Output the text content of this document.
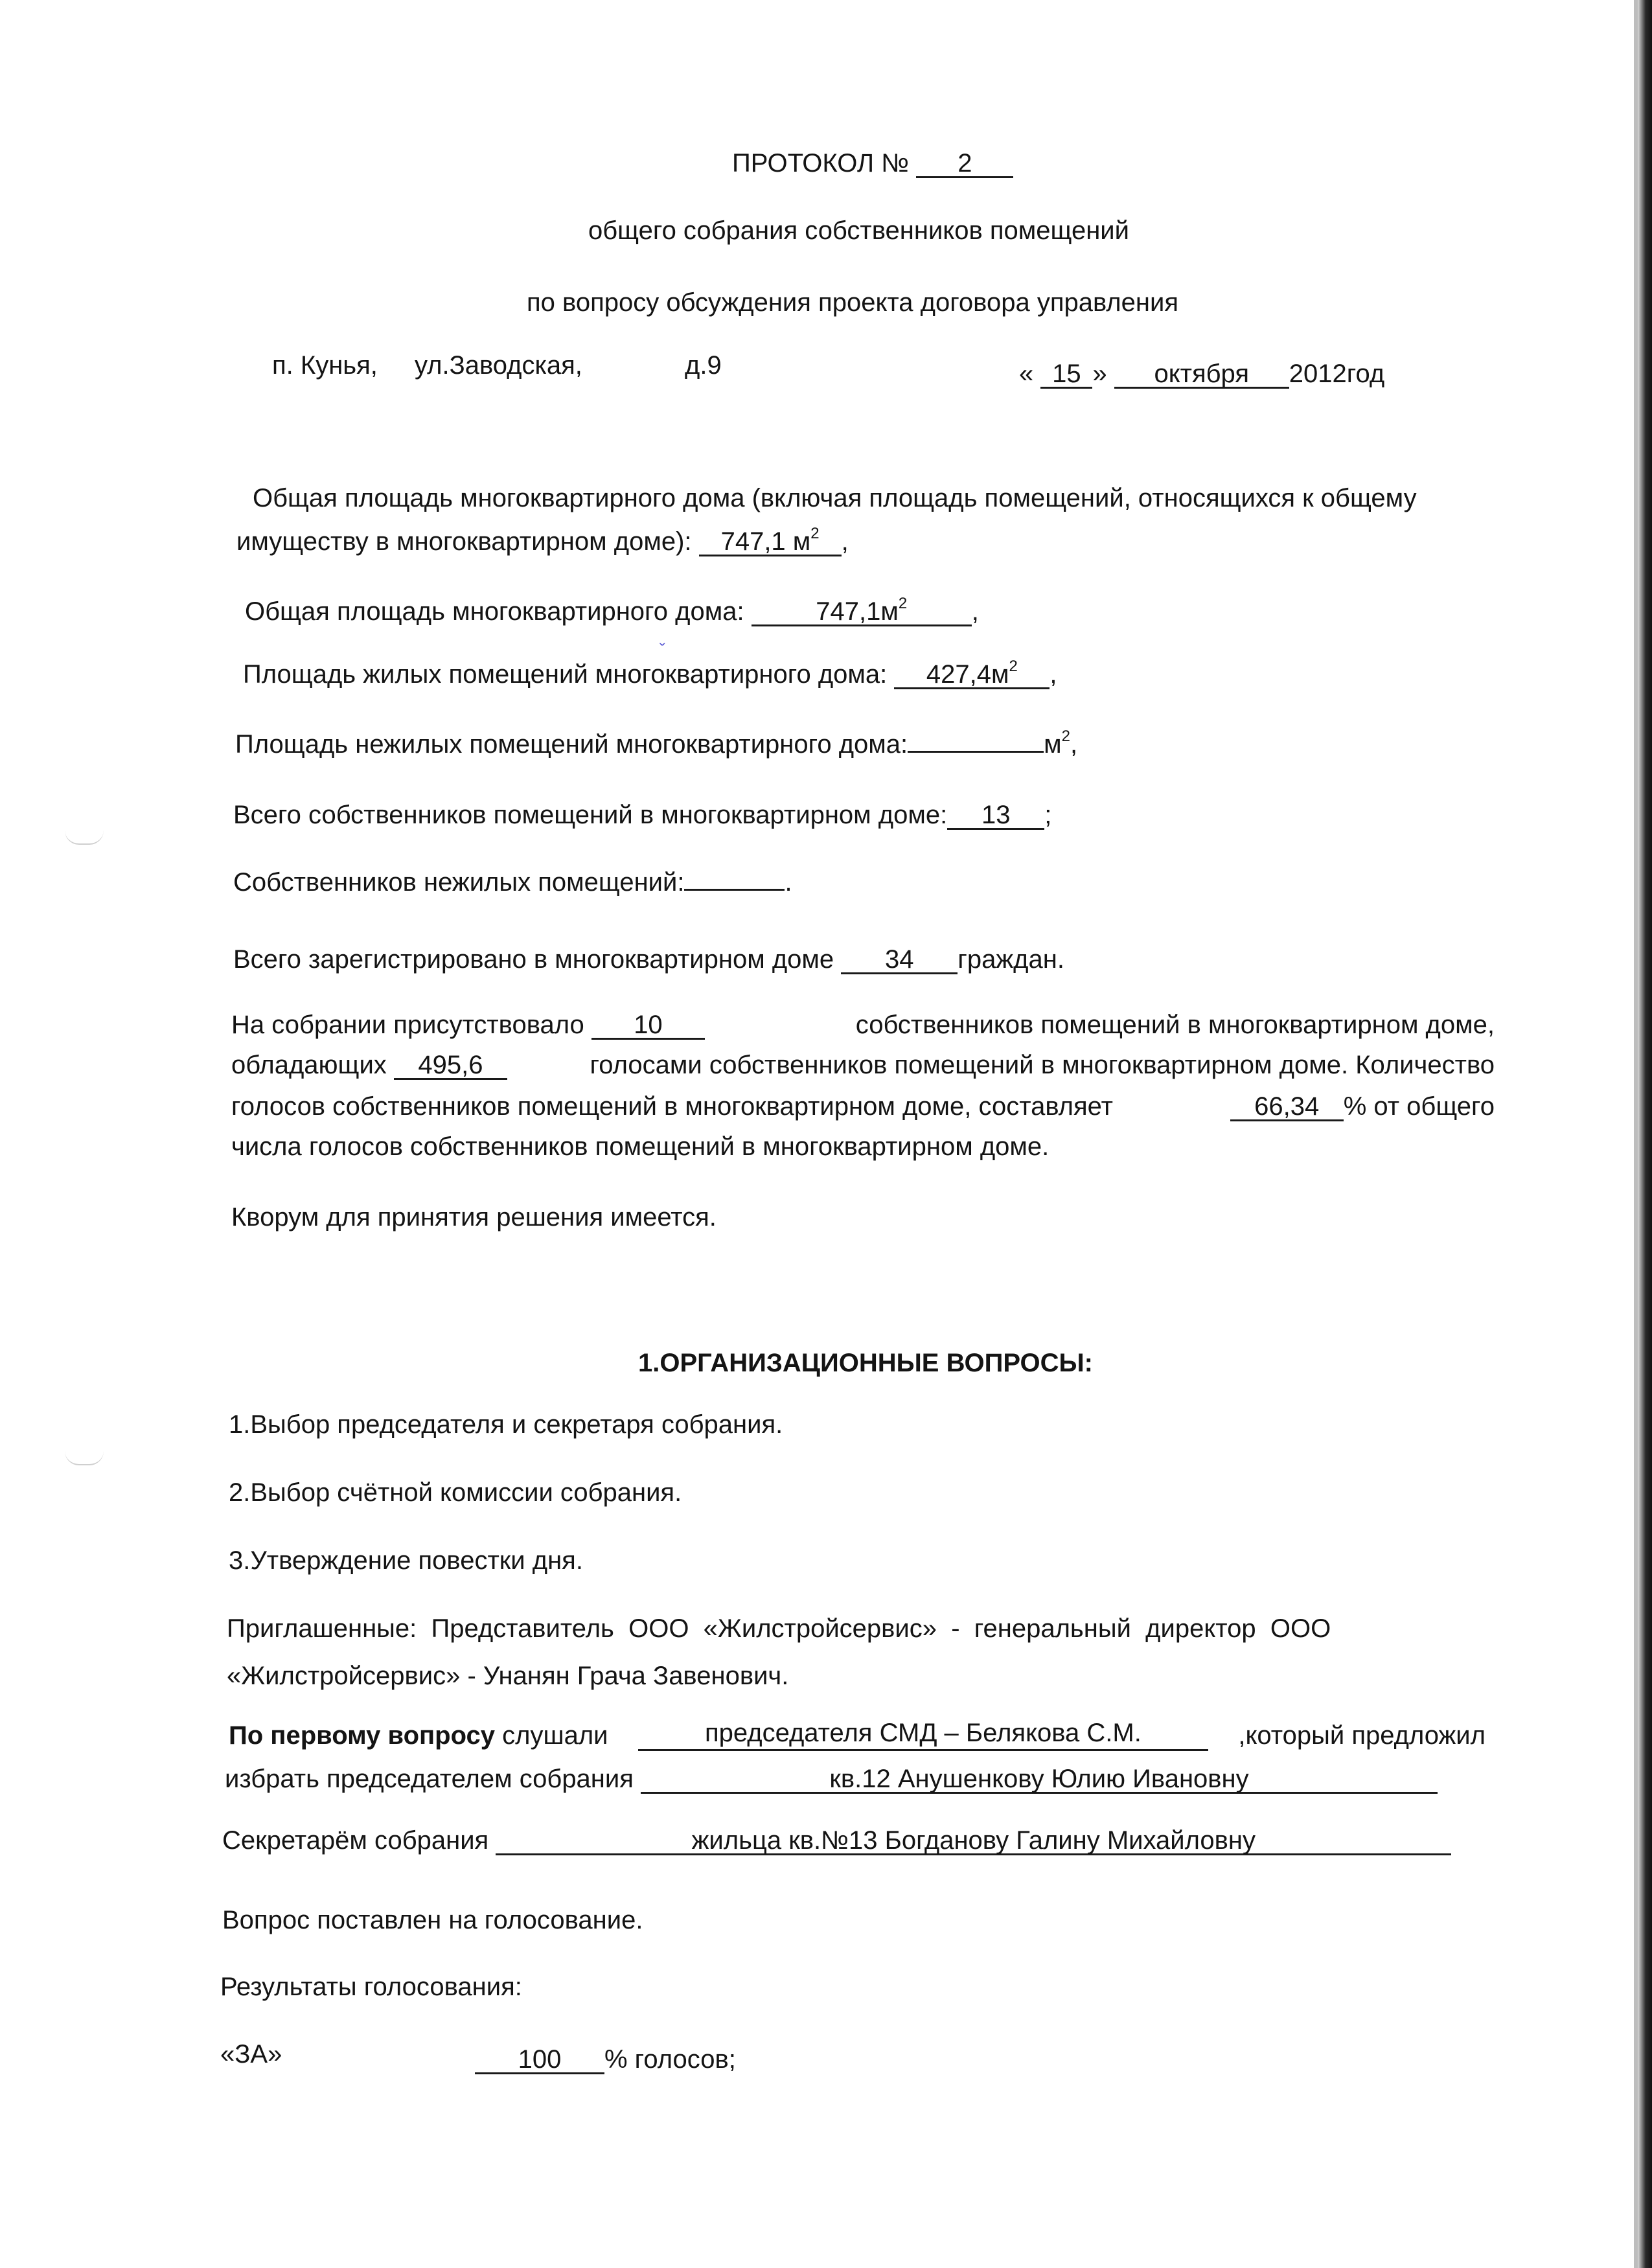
ˇ
ПРОТОКОЛ № 2
общего собрания собственников помещений
по вопросу обсуждения проекта договора управления
п. Кунья, ул.Заводская,	д.9	« 15 » октября 2012год
Общая площадь многоквартирного дома (включая площадь помещений, относящихся к общему
имуществу в многоквартирном доме): 747,1 $м^2$ ,
Общая площадь многоквартирного дома:	$747,1м^2$ ,
Площадь жилых помещений многоквартирного дома: $427,4м^2$ ,
Площадь нежилых помещений многоквартирного дома:	$м^2$,
Всего собственников помещений в многоквартирном доме: 13 ;
Собственников нежилых помещений:	.
Всего зарегистрировано в многоквартирном доме 34 граждан.
На собрании присутствовало 10	собственников помещений в многоквартирном доме,
обладающих 495,6	голосами собственников помещений в многоквартирном доме. Количество
голосов собственников помещений в многоквартирном доме, составляет	66,34 % от общего
числа голосов собственников помещений в многоквартирном доме.
Кворум для принятия решения имеется.
1.ОРГАНИЗАЦИОННЫЕ ВОПРОСЫ:
1.Выбор председателя и секретаря собрания.
2.Выбор счётной комиссии собрания.
3.Утверждение повестки дня.
Приглашенные:  Представитель  ООО  «Жилстройсервис»  -  генеральный  директор  ООО
«Жилстройсервис» - Унанян Грача Завенович.
По первому вопросу слушали	председателя СМД – Белякова С.М.	,который предложил
избрать председателем собрания	кв.12 Анушенкову Юлию Ивановну
Секретарём собрания	жильца кв.№13 Богданову Галину Михайловну
Вопрос поставлен на голосование.
Результаты голосования:
«ЗА»	100 % голосов;
